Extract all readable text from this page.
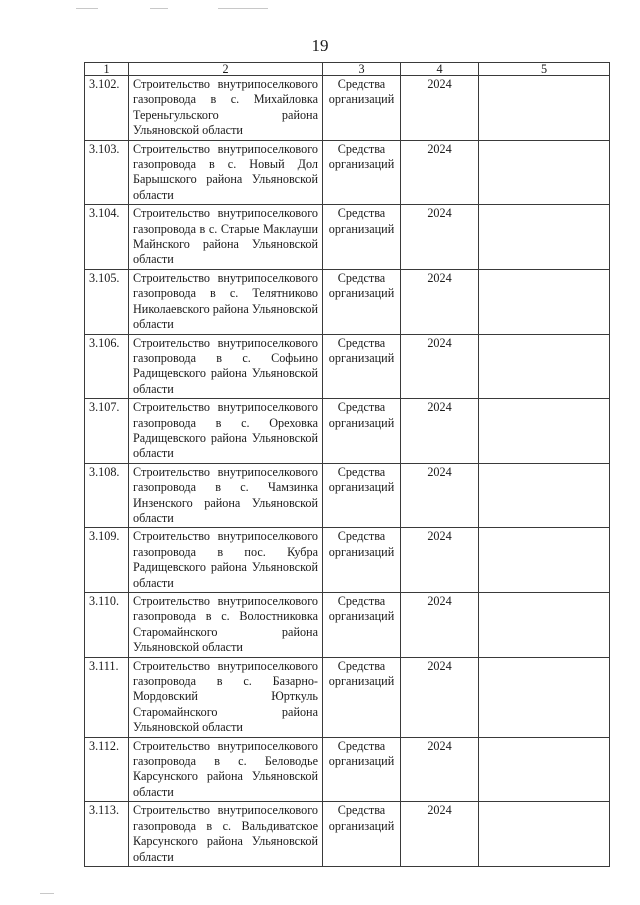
19
1	2	3	4	5
3.102.	Строительство внутрипоселкового газопровода в с. Михайловка Тереньгульского района Ульяновской области	Средства организаций	2024	
3.103.	Строительство внутрипоселкового газопровода в с. Новый Дол Барышского района Ульяновской области	Средства организаций	2024	
3.104.	Строительство внутрипоселкового газопровода в с. Старые Маклауши Майнского района Ульяновской области	Средства организаций	2024	
3.105.	Строительство внутрипоселкового газопровода в с. Телятниково Николаевского района Ульяновской области	Средства организаций	2024	
3.106.	Строительство внутрипоселкового газопровода в с. Софьино Радищевского района Ульяновской области	Средства организаций	2024	
3.107.	Строительство внутрипоселкового газопровода в с. Ореховка Радищевского района Ульяновской области	Средства организаций	2024	
3.108.	Строительство внутрипоселкового газопровода в с. Чамзинка Инзенского района Ульяновской области	Средства организаций	2024	
3.109.	Строительство внутрипоселкового газопровода в пос. Кубра Радищевского района Ульяновской области	Средства организаций	2024	
3.110.	Строительство внутрипоселкового газопровода в с. Волостниковка Старомайнского района Ульяновской области	Средства организаций	2024	
3.111.	Строительство внутрипоселкового газопровода в с. Базарно-Мордовский Юрткуль Старомайнского района Ульяновской области	Средства организаций	2024	
3.112.	Строительство внутрипоселкового газопровода в с. Беловодье Карсунского района Ульяновской области	Средства организаций	2024	
3.113.	Строительство внутрипоселкового газопровода в с. Вальдиватское Карсунского района Ульяновской области	Средства организаций	2024	
